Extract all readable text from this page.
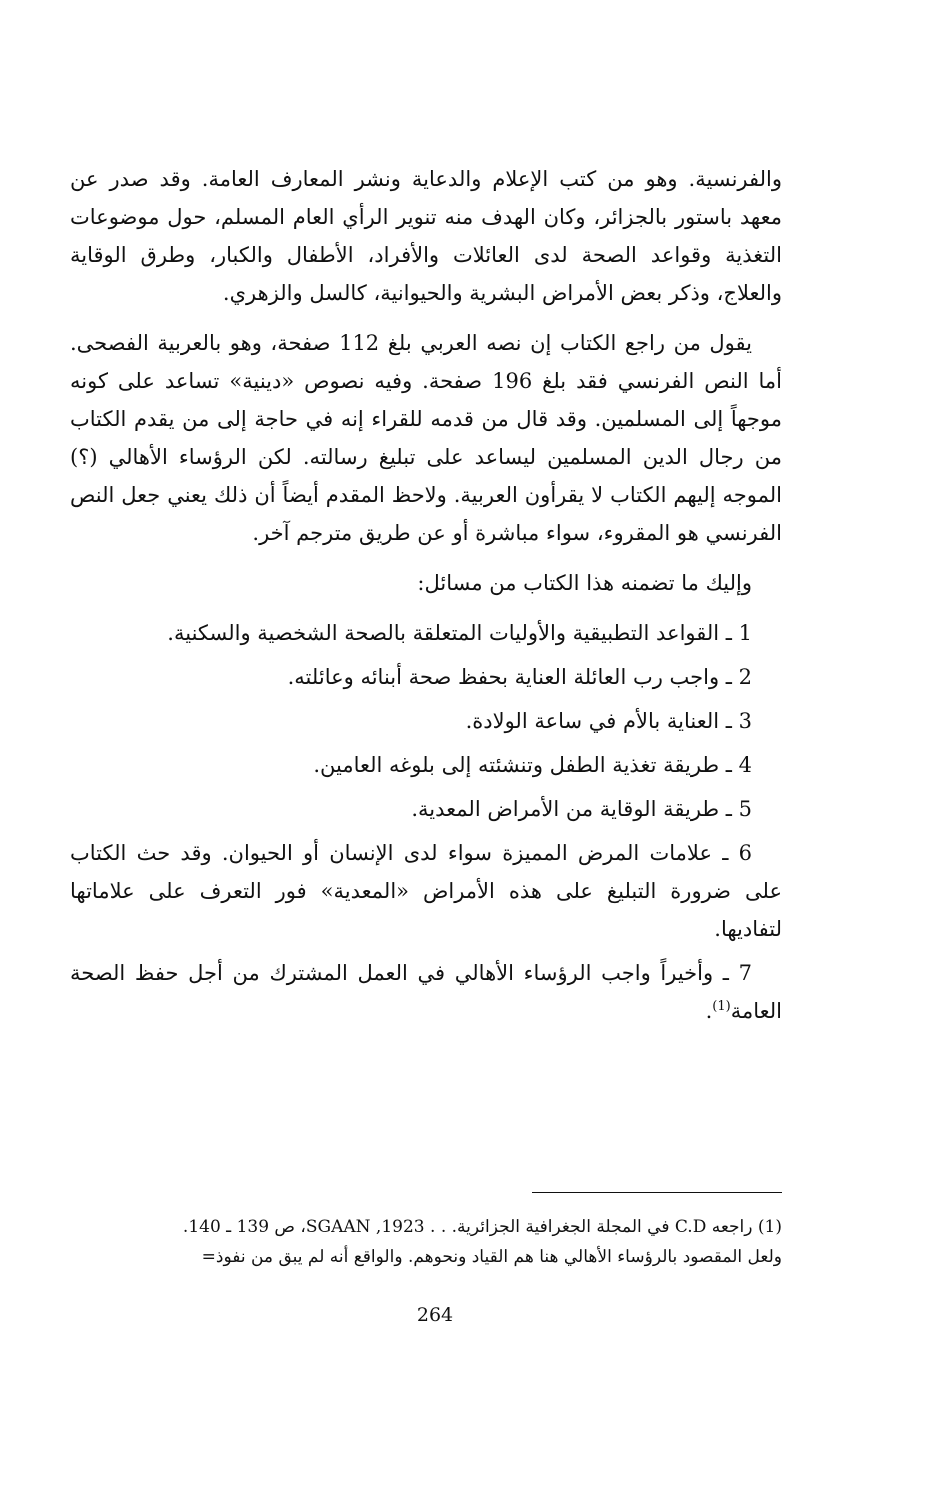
والفرنسية. وهو من كتب الإعلام والدعاية ونشر المعارف العامة. وقد صدر عن معهد باستور بالجزائر، وكان الهدف منه تنوير الرأي العام المسلم، حول موضوعات التغذية وقواعد الصحة لدى العائلات والأفراد، الأطفال والكبار، وطرق الوقاية والعلاج، وذكر بعض الأمراض البشرية والحيوانية، كالسل والزهري.

يقول من راجع الكتاب إن نصه العربي بلغ 112 صفحة، وهو بالعربية الفصحى. أما النص الفرنسي فقد بلغ 196 صفحة. وفيه نصوص «دينية» تساعد على كونه موجهاً إلى المسلمين. وقد قال من قدمه للقراء إنه في حاجة إلى من يقدم الكتاب من رجال الدين المسلمين ليساعد على تبليغ رسالته. لكن الرؤساء الأهالي (؟) الموجه إليهم الكتاب لا يقرأون العربية. ولاحظ المقدم أيضاً أن ذلك يعني جعل النص الفرنسي هو المقروء، سواء مباشرة أو عن طريق مترجم آخر.

وإليك ما تضمنه هذا الكتاب من مسائل:

1 ـ القواعد التطبيقية والأوليات المتعلقة بالصحة الشخصية والسكنية.

2 ـ واجب رب العائلة العناية بحفظ صحة أبنائه وعائلته.

3 ـ العناية بالأم في ساعة الولادة.

4 ـ طريقة تغذية الطفل وتنشئته إلى بلوغه العامين.

5 ـ طريقة الوقاية من الأمراض المعدية.

6 ـ علامات المرض المميزة سواء لدى الإنسان أو الحيوان. وقد حث الكتاب على ضرورة التبليغ على هذه الأمراض «المعدية» فور التعرف على علاماتها لتفاديها.

7 ـ وأخيراً واجب الرؤساء الأهالي في العمل المشترك من أجل حفظ الصحة العامة$^{(1)}$.

(1) راجعه C.D في المجلة الجغرافية الجزائرية. . . SGAAN ,1923، ص 139 ـ 140.

ولعل المقصود بالرؤساء الأهالي هنا هم القياد ونحوهم. والواقع أنه لم يبق من نفوذ=

264
